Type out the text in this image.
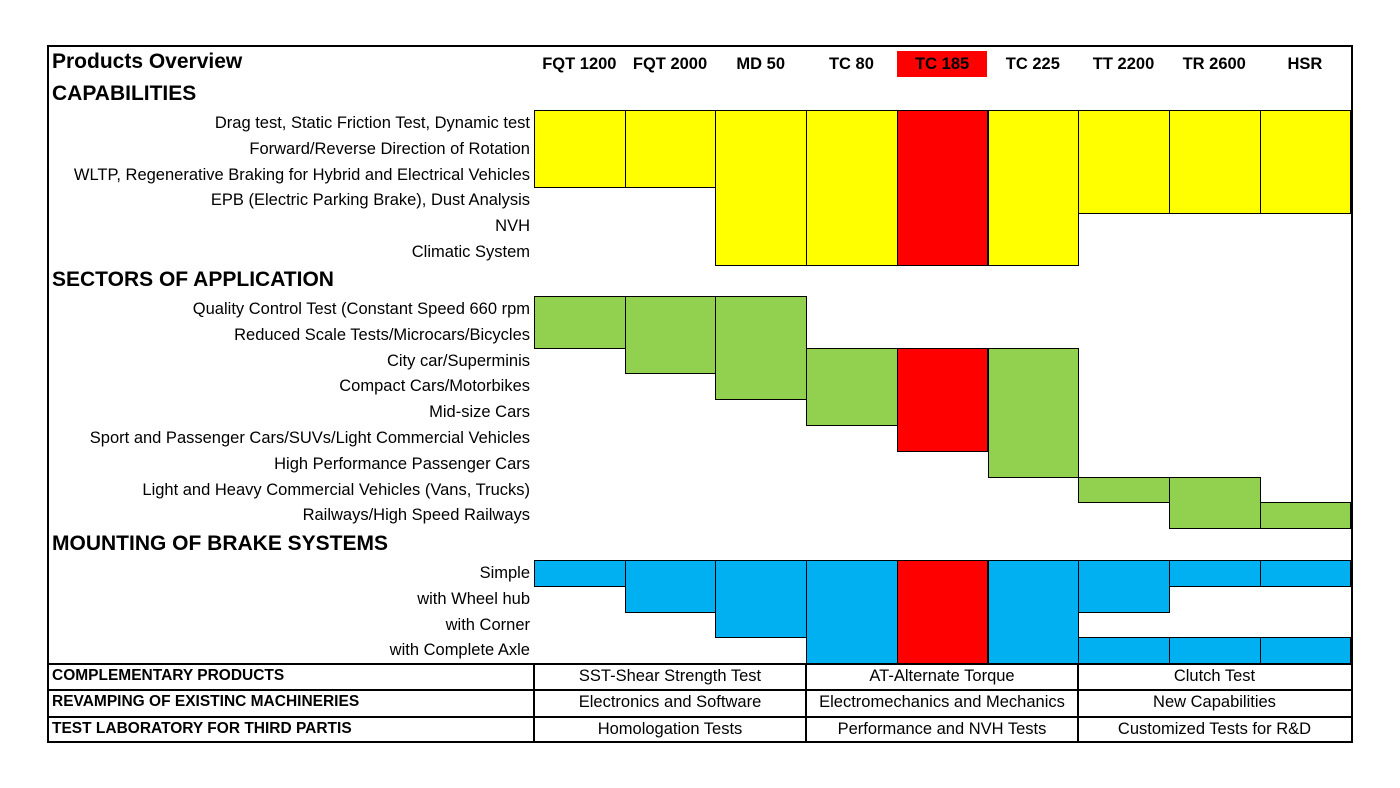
Products Overview	FQT 1200 FQT 2000	MD 50	TC 80	TC 185	TC 225	TT 2200	TR 2600	HSR
CAPABILITIES
SECTORS OF APPLICATION
MOUNTING OF BRAKE SYSTEMS
Drag test, Static Friction Test, Dynamic test
Forward/Reverse Direction of Rotation
WLTP, Regenerative Braking for Hybrid and Electrical Vehicles
EPB (Electric Parking Brake), Dust Analysis
NVH
Climatic System
Quality Control Test (Constant Speed 660 rpm
Reduced Scale Tests/Microcars/Bicycles
City car/Superminis
Compact Cars/Motorbikes
Mid-size Cars
Sport and Passenger Cars/SUVs/Light Commercial Vehicles
High Performance Passenger Cars
Light and Heavy Commercial Vehicles (Vans, Trucks)
Railways/High Speed Railways
Simple
with Wheel hub
with Corner
with Complete Axle
COMPLEMENTARY PRODUCTS	SST-Shear Strength Test	AT-Alternate Torque	Clutch Test
REVAMPING OF EXISTINC MACHINERIES	Electronics and Software	Electromechanics and Mechanics	New Capabilities
TEST LABORATORY FOR THIRD PARTIS	Homologation Tests	Performance and NVH Tests	Customized Tests for R&D
